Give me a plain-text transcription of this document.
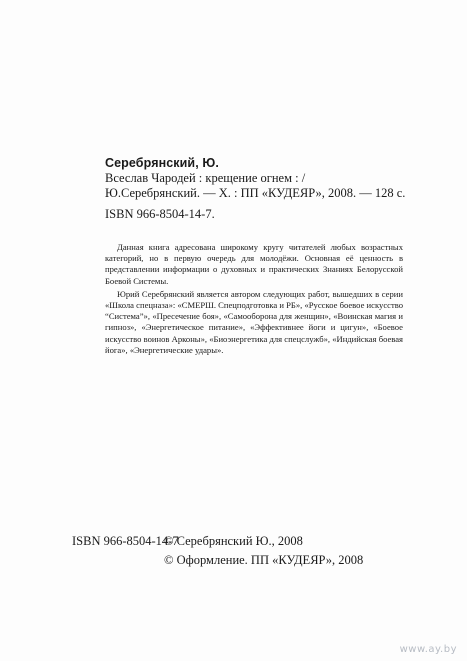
Серебрянский, Ю.
Всеслав Чародей : крещение огнем : /
Ю.Серебрянский. — Х. : ПП «КУДЕЯР», 2008. — 128 с.
ISBN 966-8504-14-7.

Данная книга адресована широкому кругу читателей любых возрастных категорий, но в первую очередь для молодёжи. Основная её ценность в представлении информации о духовных и практических Знаниях Белорусской Боевой Системы.

Юрий Серебрянский является автором следующих работ, вышедших в серии «Школа спецназа»: «СМЕРШ. Спецподготовка и РБ», «Русское боевое искусство “Система”», «Пресечение боя», «Самооборона для женщин», «Воинская магия и гипноз», «Энергетическое питание», «Эффективнее йоги и цигун», «Боевое искусство воинов Арконы», «Биоэнергетика для спецслужб», «Индийская боевая йога», «Энергетические удары».

ISBN 966-8504-14-7
© Серебрянский Ю., 2008
© Оформление. ПП «КУДЕЯР», 2008
www.ay.by
